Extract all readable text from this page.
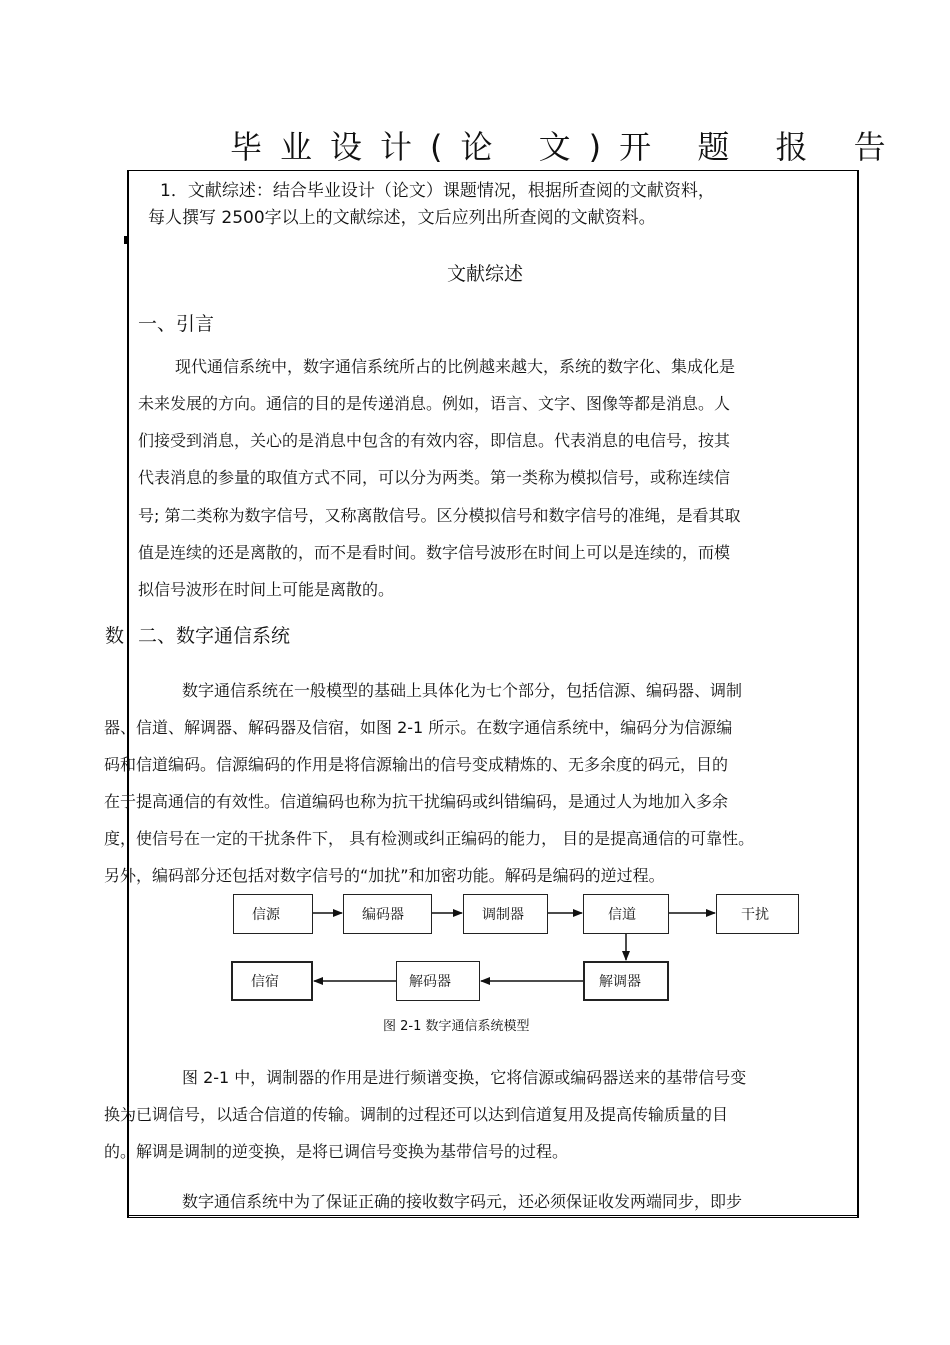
毕业设计(论 文)开 题 报 告
1．文献综述：结合毕业设计（论文）课题情况，根据所查阅的文献资料，
每人撰写 2500字以上的文献综述，文后应列出所查阅的文献资料。
文献综述
一、引言
现代通信系统中，数字通信系统所占的比例越来越大，系统的数字化、集成化是
未来发展的方向。通信的目的是传递消息。例如，语言、文字、图像等都是消息。人
们接受到消息，关心的是消息中包含的有效内容，即信息。代表消息的电信号，按其
代表消息的参量的取值方式不同，可以分为两类。第一类称为模拟信号，或称连续信
号; 第二类称为数字信号，又称离散信号。区分模拟信号和数字信号的准绳，是看其取
值是连续的还是离散的，而不是看时间。数字信号波形在时间上可以是连续的，而模
拟信号波形在时间上可能是离散的。
数 二、数字通信系统
数字通信系统在一般模型的基础上具体化为七个部分，包括信源、编码器、调制
器、信道、解调器、解码器及信宿，如图 2-1 所示。在数字通信系统中，编码分为信源编
码和信道编码。信源编码的作用是将信源输出的信号变成精炼的、无多余度的码元，目的
在于提高通信的有效性。信道编码也称为抗干扰编码或纠错编码，是通过人为地加入多余
度，使信号在一定的干扰条件下， 具有检测或纠正编码的能力， 目的是提高通信的可靠性。
另外，编码部分还包括对数字信号的“加扰”和加密功能。解码是编码的逆过程。
信源	编码器	调制器	信道	干扰
信宿	解码器	解调器
图 2-1 数字通信系统模型
图 2-1 中，调制器的作用是进行频谱变换，它将信源或编码器送来的基带信号变
换为已调信号，以适合信道的传输。调制的过程还可以达到信道复用及提高传输质量的目
的。解调是调制的逆变换，是将已调信号变换为基带信号的过程。
数字通信系统中为了保证正确的接收数字码元，还必须保证收发两端同步，即步
